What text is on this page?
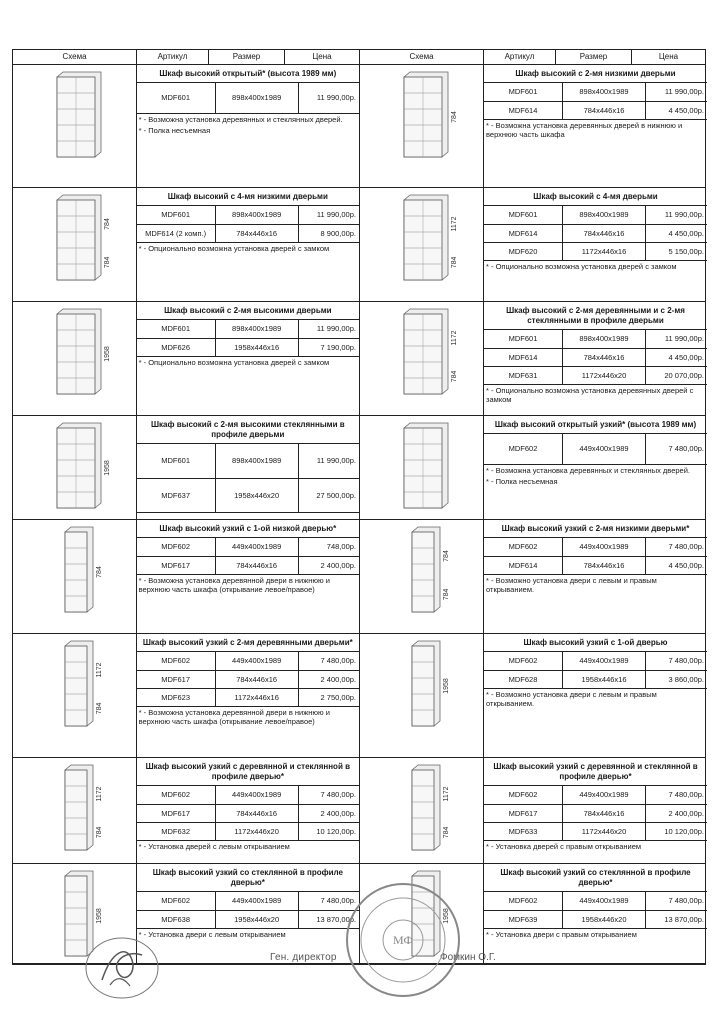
Схема	Артикул	Размер	Цена	Схема	Артикул	Размер	Цена
Шкаф высокий открытый* (высота 1989 мм)
MDF601	898x400x1989	11 990,00р.
* - Возможна установка деревянных и стеклянных дверей.
* - Полка несъемная
784
Шкаф высокий с 2-мя низкими дверьми
MDF601	898x400x1989	11 990,00р.
MDF614	784x446x16	4 450,00р.
* - Возможна установка деревянных дверей в нижнюю и верхнюю часть шкафа
784
784
Шкаф высокий с 4-мя низкими дверьми
MDF601	898x400x1989	11 990,00р.
MDF614 (2 комп.)	784x446x16	8 900,00р.
* - Опционально возможна установка дверей с замком
1172
784
Шкаф высокий с 4-мя дверьми
MDF601	898x400x1989	11 990,00р.
MDF614	784x446x16	4 450,00р.
MDF620	1172x446x16	5 150,00р.
* - Опционально возможна установка дверей с замком
1958
Шкаф высокий с 2-мя высокими дверьми
MDF601	898x400x1989	11 990,00р.
MDF626	1958x446x16	7 190,00р.
* - Опционально возможна установка дверей с замком
1172
784
Шкаф высокий с 2-мя деревянными и с 2-мя стеклянными в профиле дверьми
MDF601	898x400x1989	11 990,00р.
MDF614	784x446x16	4 450,00р.
MDF631	1172x446x20	20 070,00р.
* - Опционально возможна установка деревянных дверей с замком
1958
Шкаф высокий с 2-мя высокими стеклянными в профиле дверьми
MDF601	898x400x1989	11 990,00р.
MDF637	1958x446x20	27 500,00р.
Шкаф высокий открытый узкий* (высота 1989 мм)
MDF602	449x400x1989	7 480,00р.
* - Возможна установка деревянных и стеклянных дверей.
* - Полка несъемная
784
Шкаф высокий узкий с 1-ой низкой дверью*
MDF602	449x400x1989	748,00р.
MDF617	784x446x16	2 400,00р.
* - Возможна установка деревянной двери в нижнюю и верхнюю часть шкафа (открывание левое/правое)
784
784
Шкаф высокий узкий с 2-мя низкими дверьми*
MDF602	449x400x1989	7 480,00р.
MDF614	784x446x16	4 450,00р.
* - Возможно установка двери с левым и правым открыванием.
1172
784
Шкаф высокий узкий с 2-мя деревянными дверьми*
MDF602	449x400x1989	7 480,00р.
MDF617	784x446x16	2 400,00р.
MDF623	1172x446x16	2 750,00р.
* - Возможна установка деревянной двери в нижнюю и верхнюю часть шкафа (открывание левое/правое)
1958
Шкаф высокий узкий с 1-ой дверью
MDF602	449x400x1989	7 480,00р.
MDF628	1958x446x16	3 860,00р.
* - Возможно установка двери с левым и правым открыванием.
1172
784
Шкаф высокий узкий с деревянной и стеклянной в профиле дверью*
MDF602	449x400x1989	7 480,00р.
MDF617	784x446x16	2 400,00р.
MDF632	1172x446x20	10 120,00р.
* - Установка дверей с левым открыванием
1172
784
Шкаф высокий узкий с деревянной и стеклянной в профиле дверью*
MDF602	449x400x1989	7 480,00р.
MDF617	784x446x16	2 400,00р.
MDF633	1172x446x20	10 120,00р.
* - Установка дверей с правым открыванием
1958
Шкаф высокий узкий со стеклянной в профиле дверью*
MDF602	449x400x1989	7 480,00р.
MDF638	1958x446x20	13 870,00р.
* - Установка двери с левым открыванием
1958
Шкаф высокий узкий со стеклянной в профиле дверью*
MDF602	449x400x1989	7 480,00р.
MDF639	1958x446x20	13 870,00р.
* - Установка двери с правым открыванием
Ген. директор	Фомкин О.Г.
МФ
